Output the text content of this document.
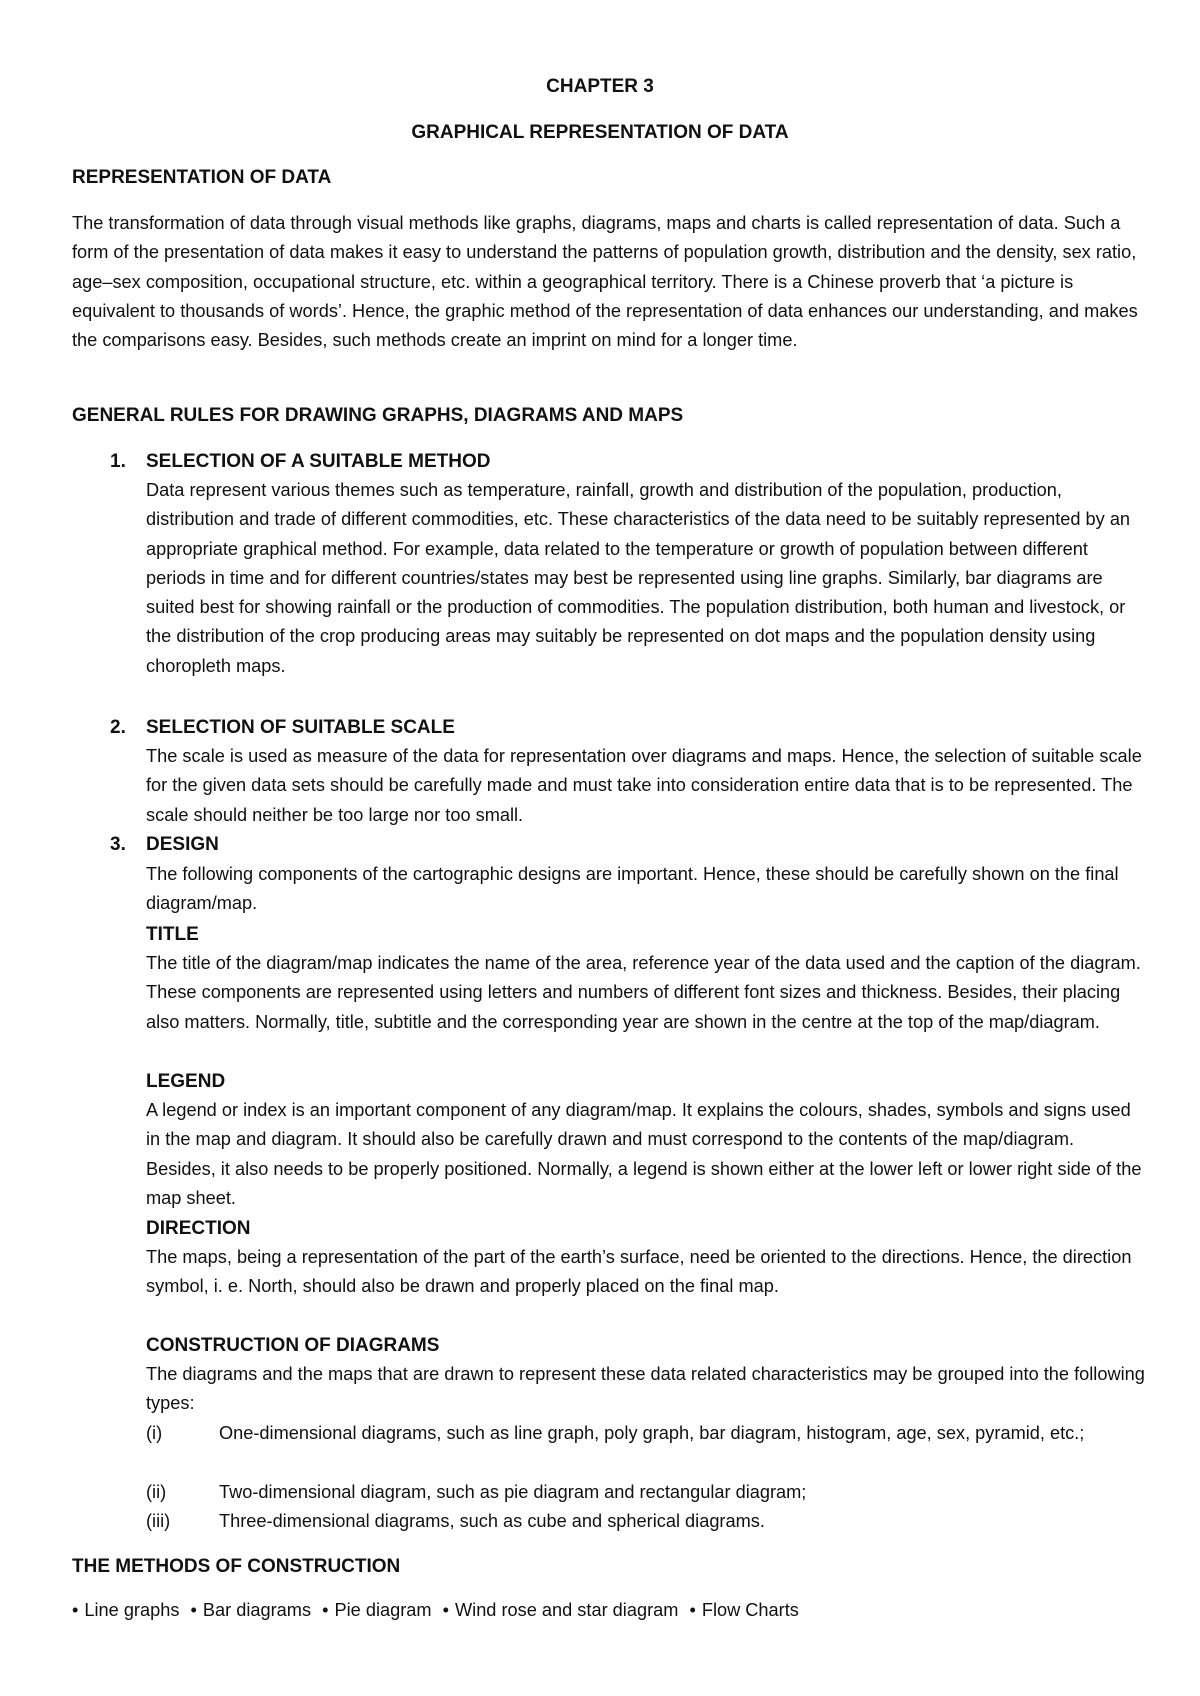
CHAPTER 3
GRAPHICAL REPRESENTATION OF DATA
REPRESENTATION OF DATA

The transformation of data through visual methods like graphs, diagrams, maps and charts is called representation of data. Such a form of the presentation of data makes it easy to understand the patterns of population growth, distribution and the density, sex ratio, age–sex composition, occupational structure, etc. within a geographical territory. There is a Chinese proverb that ‘a picture is equivalent to thousands of words’. Hence, the graphic method of the representation of data enhances our understanding, and makes the comparisons easy. Besides, such methods create an imprint on mind for a longer time.

GENERAL RULES FOR DRAWING GRAPHS, DIAGRAMS AND MAPS
1. SELECTION OF A SUITABLE METHOD

Data represent various themes such as temperature, rainfall, growth and distribution of the population, production, distribution and trade of different commodities, etc. These characteristics of the data need to be suitably represented by an appropriate graphical method. For example, data related to the temperature or growth of population between different periods in time and for different countries/states may best be represented using line graphs. Similarly, bar diagrams are suited best for showing rainfall or the production of commodities. The population distribution, both human and livestock, or the distribution of the crop producing areas may suitably be represented on dot maps and the population density using choropleth maps.

2. SELECTION OF SUITABLE SCALE

The scale is used as measure of the data for representation over diagrams and maps. Hence, the selection of suitable scale for the given data sets should be carefully made and must take into consideration entire data that is to be represented. The scale should neither be too large nor too small.

3. DESIGN

The following components of the cartographic designs are important. Hence, these should be carefully shown on the final diagram/map.

TITLE

The title of the diagram/map indicates the name of the area, reference year of the data used and the caption of the diagram. These components are represented using letters and numbers of different font sizes and thickness. Besides, their placing also matters. Normally, title, subtitle and the corresponding year are shown in the centre at the top of the map/diagram.

LEGEND

A legend or index is an important component of any diagram/map. It explains the colours, shades, symbols and signs used in the map and diagram. It should also be carefully drawn and must correspond to the contents of the map/diagram. Besides, it also needs to be properly positioned. Normally, a legend is shown either at the lower left or lower right side of the map sheet.

DIRECTION

The maps, being a representation of the part of the earth’s surface, need be oriented to the directions. Hence, the direction symbol, i. e. North, should also be drawn and properly placed on the final map.

CONSTRUCTION OF DIAGRAMS

The diagrams and the maps that are drawn to represent these data related characteristics may be grouped into the following types:

(i)	One-dimensional diagrams, such as line graph, poly graph, bar diagram, histogram, age, sex, pyramid, etc.;

(ii)	Two-dimensional diagram, such as pie diagram and rectangular diagram;

(iii)	Three-dimensional diagrams, such as cube and spherical diagrams.

THE METHODS OF CONSTRUCTION
• Line graphs • Bar diagrams • Pie diagram • Wind rose and star diagram • Flow Charts
